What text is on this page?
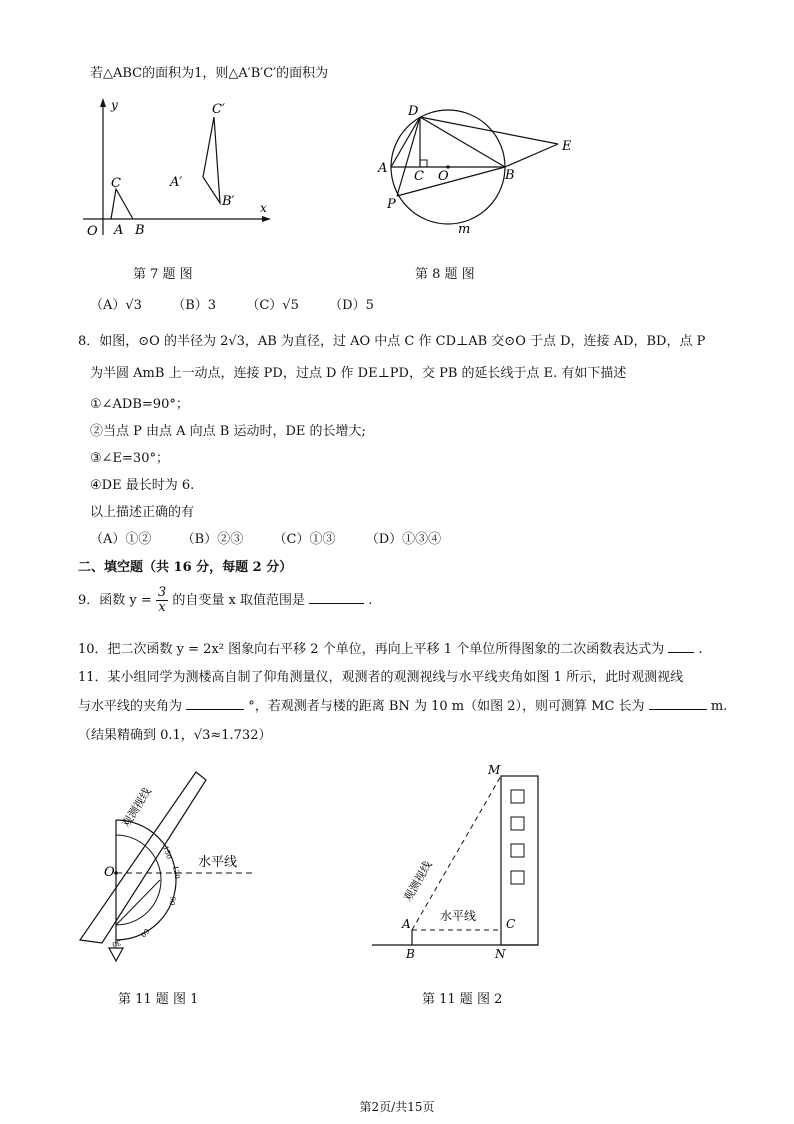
若△ABC的面积为1，则△A′B′C′的面积为
y
x
O A B
C	A′
B′
C′
第 7 题 图
D
E
A
C O	B
P
m
第 8 题 图
（A）√3 （B）3 （C）√5 （D）5
8．如图，⊙O 的半径为 2√3，AB 为直径，过 AO 中点 C 作 CD⊥AB 交⊙O 于点 D，连接 AD，BD，点 P
为半圆 AmB 上一动点，连接 PD，过点 D 作 DE⊥PD，交 PB 的延长线于点 E. 有如下描述
①∠ADB=90°；
②当点 P 由点 A 向点 B 运动时，DE 的长增大;
③∠E=30°；
④DE 最长时为 6.
以上描述正确的有
（A）①② （B）②③ （C）①③ （D）①③④
二、填空题（共 16 分，每题 2 分）
9．函数 $y = \frac{3}{x}$ 的自变量 x 取值范围是	.
10．把二次函数 y = 2x² 图象向右平移 2 个单位，再向上平移 1 个单位所得图象的二次函数表达式为	.
11．某小组同学为测楼高自制了仰角测量仪，观测者的观测视线与水平线夹角如图 1 所示，此时观测视线
与水平线的夹角为	°，若观测者与楼的距离 BN 为 10 m（如图 2），则可测算 MC 长为	m.
（结果精确到 0.1，√3≈1.732）
O
水平线
观测视线
150
120
90
60
30
第 11 题 图 1
M
A	C
B	N
水平线
观测视线
第 11 题 图 2
第2页/共15页
